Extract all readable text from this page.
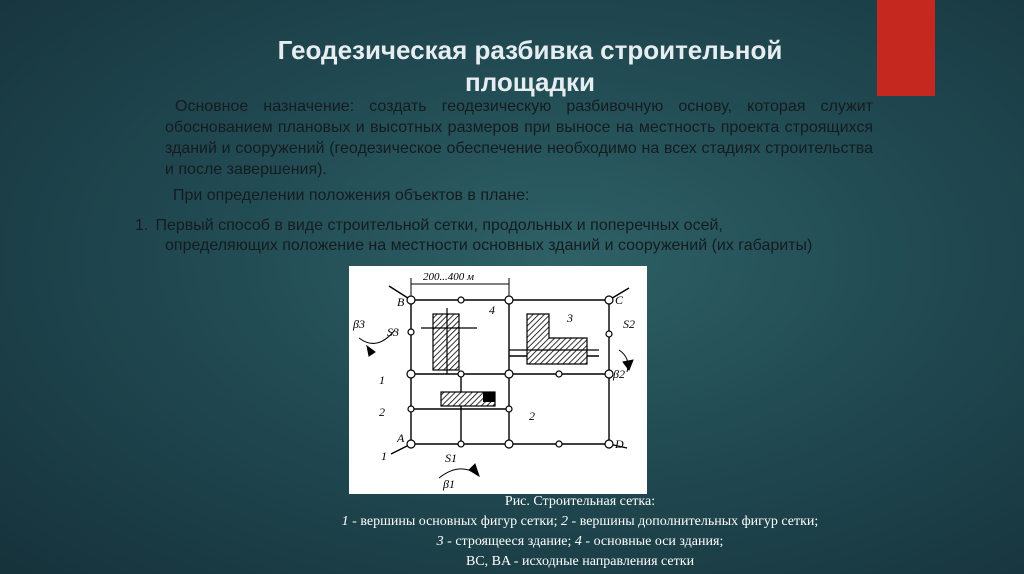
Геодезическая разбивка строительной площадки
Основное назначение: создать геодезическую разбивочную основу, которая служит обоснованием плановых и высотных размеров при выносе на местность проекта строящихся зданий и сооружений (геодезическое обеспечение необходимо на всех стадиях строительства и после завершения).
При определении положения объектов в плане:
1. Первый способ в виде строительной сетки, продольных и поперечных осей,
определяющих положение на местности основных зданий и сооружений (их габариты)
200...400 м
B	C
A	D
4
3
2
1
2
1
β3
S3
S2
β2
S1
β1
Рис. Строительная сетка:
1 - вершины основных фигур сетки; 2 - вершины дополнительных фигур сетки;
3 - строящееся здание; 4 - основные оси здания;
BC, BA - исходные направления сетки
